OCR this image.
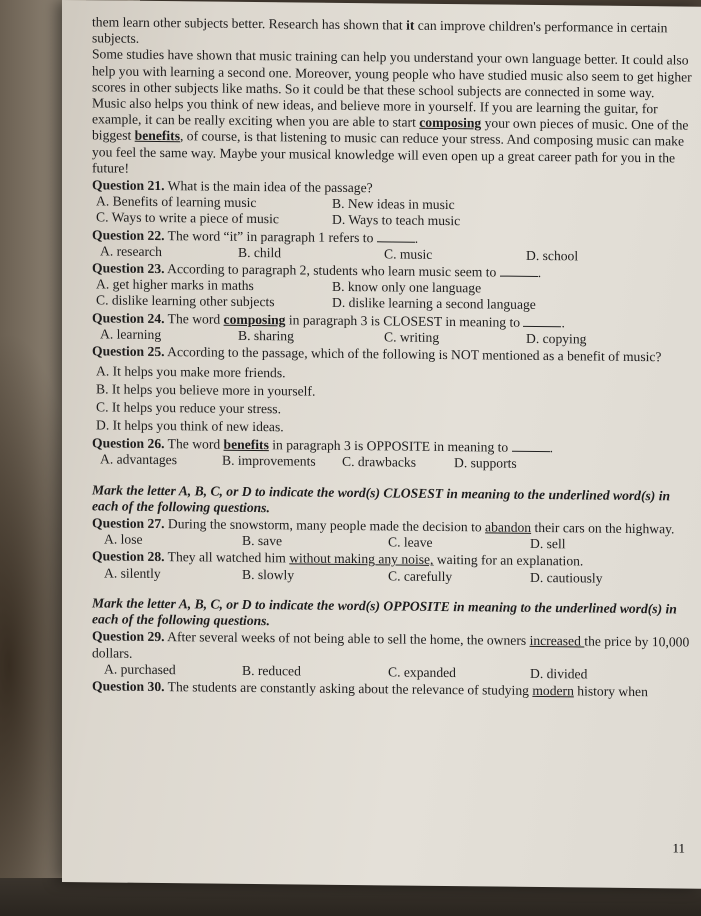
them learn other subjects better. Research has shown that it can improve children's performance in certain subjects.

Some studies have shown that music training can help you understand your own language better. It could also help you with learning a second one. Moreover, young people who have studied music also seem to get higher scores in other subjects like maths. So it could be that these school subjects are connected in some way.

Music also helps you think of new ideas, and believe more in yourself. If you are learning the guitar, for example, it can be really exciting when you are able to start composing your own pieces of music. One of the biggest benefits, of course, is that listening to music can reduce your stress. And composing music can make you feel the same way. Maybe your musical knowledge will even open up a great career path for you in the future!

Question 21. What is the main idea of the passage?

A. Benefits of learning music	B. New ideas in music
C. Ways to write a piece of music	D. Ways to teach music

Question 22. The word “it” in paragraph 1 refers to	.

A. research	B. child	C. music	D. school

Question 23. According to paragraph 2, students who learn music seem to	.

A. get higher marks in maths	B. know only one language
C. dislike learning other subjects	D. dislike learning a second language

Question 24. The word composing in paragraph 3 is CLOSEST in meaning to	.

A. learning	B. sharing	C. writing	D. copying

Question 25. According to the passage, which of the following is NOT mentioned as a benefit of music?

A. It helps you make more friends.
B. It helps you believe more in yourself.
C. It helps you reduce your stress.
D. It helps you think of new ideas.

Question 26. The word benefits in paragraph 3 is OPPOSITE in meaning to	.

A. advantages	B. improvements	C. drawbacks	D. supports

Mark the letter A, B, C, or D to indicate the word(s) CLOSEST in meaning to the underlined word(s) in each of the following questions.

Question 27. During the snowstorm, many people made the decision to abandon their cars on the highway.

A. lose	B. save	C. leave	D. sell

Question 28. They all watched him without making any noise, waiting for an explanation.

A. silently	B. slowly	C. carefully	D. cautiously

Mark the letter A, B, C, or D to indicate the word(s) OPPOSITE in meaning to the underlined word(s) in each of the following questions.

Question 29. After several weeks of not being able to sell the home, the owners increased the price by 10,000 dollars.

A. purchased	B. reduced	C. expanded	D. divided

Question 30. The students are constantly asking about the relevance of studying modern history when

11
